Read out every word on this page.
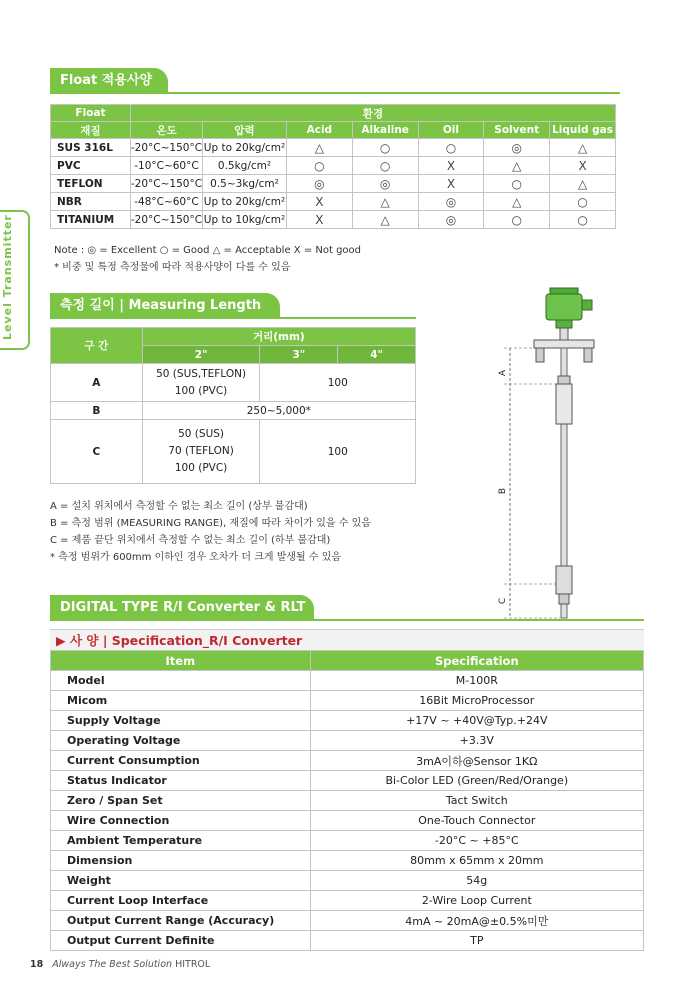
Level Transmitter
Float 적용사양
Float	환경						
재질	온도	압력	Acid	Alkaline	Oil	Solvent	Liquid gas
SUS 316L	-20°C~150°C	Up to 20kg/cm²	△	○	○	◎	△
PVC	-10°C~60°C	0.5kg/cm²	○	○	X	△	X
TEFLON	-20°C~150°C	0.5~3kg/cm²	◎	◎	X	○	△
NBR	-48°C~60°C	Up to 20kg/cm²	X	△	◎	△	○
TITANIUM	-20°C~150°C	Up to 10kg/cm²	X	△	◎	○	○
Note : ◎ = Excellent ○ = Good △ = Acceptable X = Not good
* 비중 및 특정 측정물에 따라 적용사양이 다를 수 있음
측정 길이 | Measuring Length
구 간	거리(mm)		
	2"	3"	4"
A	50 (SUS,TEFLON)
100 (PVC)	100	
B	250~5,000*		
C	50 (SUS)
70 (TEFLON)
100 (PVC)	100	
A = 설치 위치에서 측정할 수 없는 최소 길이 (상부 불감대)
B = 측정 범위 (MEASURING RANGE), 재질에 따라 차이가 있을 수 있음
C = 제품 끝단 위치에서 측정할 수 없는 최소 길이 (하부 불감대)
* 측정 범위가 600mm 이하인 경우 오차가 더 크게 발생될 수 있음
A
B
C
DIGITAL TYPE R/I Converter & RLT
▶ 사 양 | Specification_R/I Converter
Item	Specification
Model	M-100R
Micom	16Bit MicroProcessor
Supply Voltage	+17V ~ +40V@Typ.+24V
Operating Voltage	+3.3V
Current Consumption	3mA이하@Sensor 1KΩ
Status Indicator	Bi-Color LED (Green/Red/Orange)
Zero / Span Set	Tact Switch
Wire Connection	One-Touch Connector
Ambient Temperature	-20°C ~ +85°C
Dimension	80mm x 65mm x 20mm
Weight	54g
Current Loop Interface	2-Wire Loop Current
Output Current Range (Accuracy)	4mA ~ 20mA@±0.5%미만
Output Current Definite	TP
18 Always The Best Solution HITROL
